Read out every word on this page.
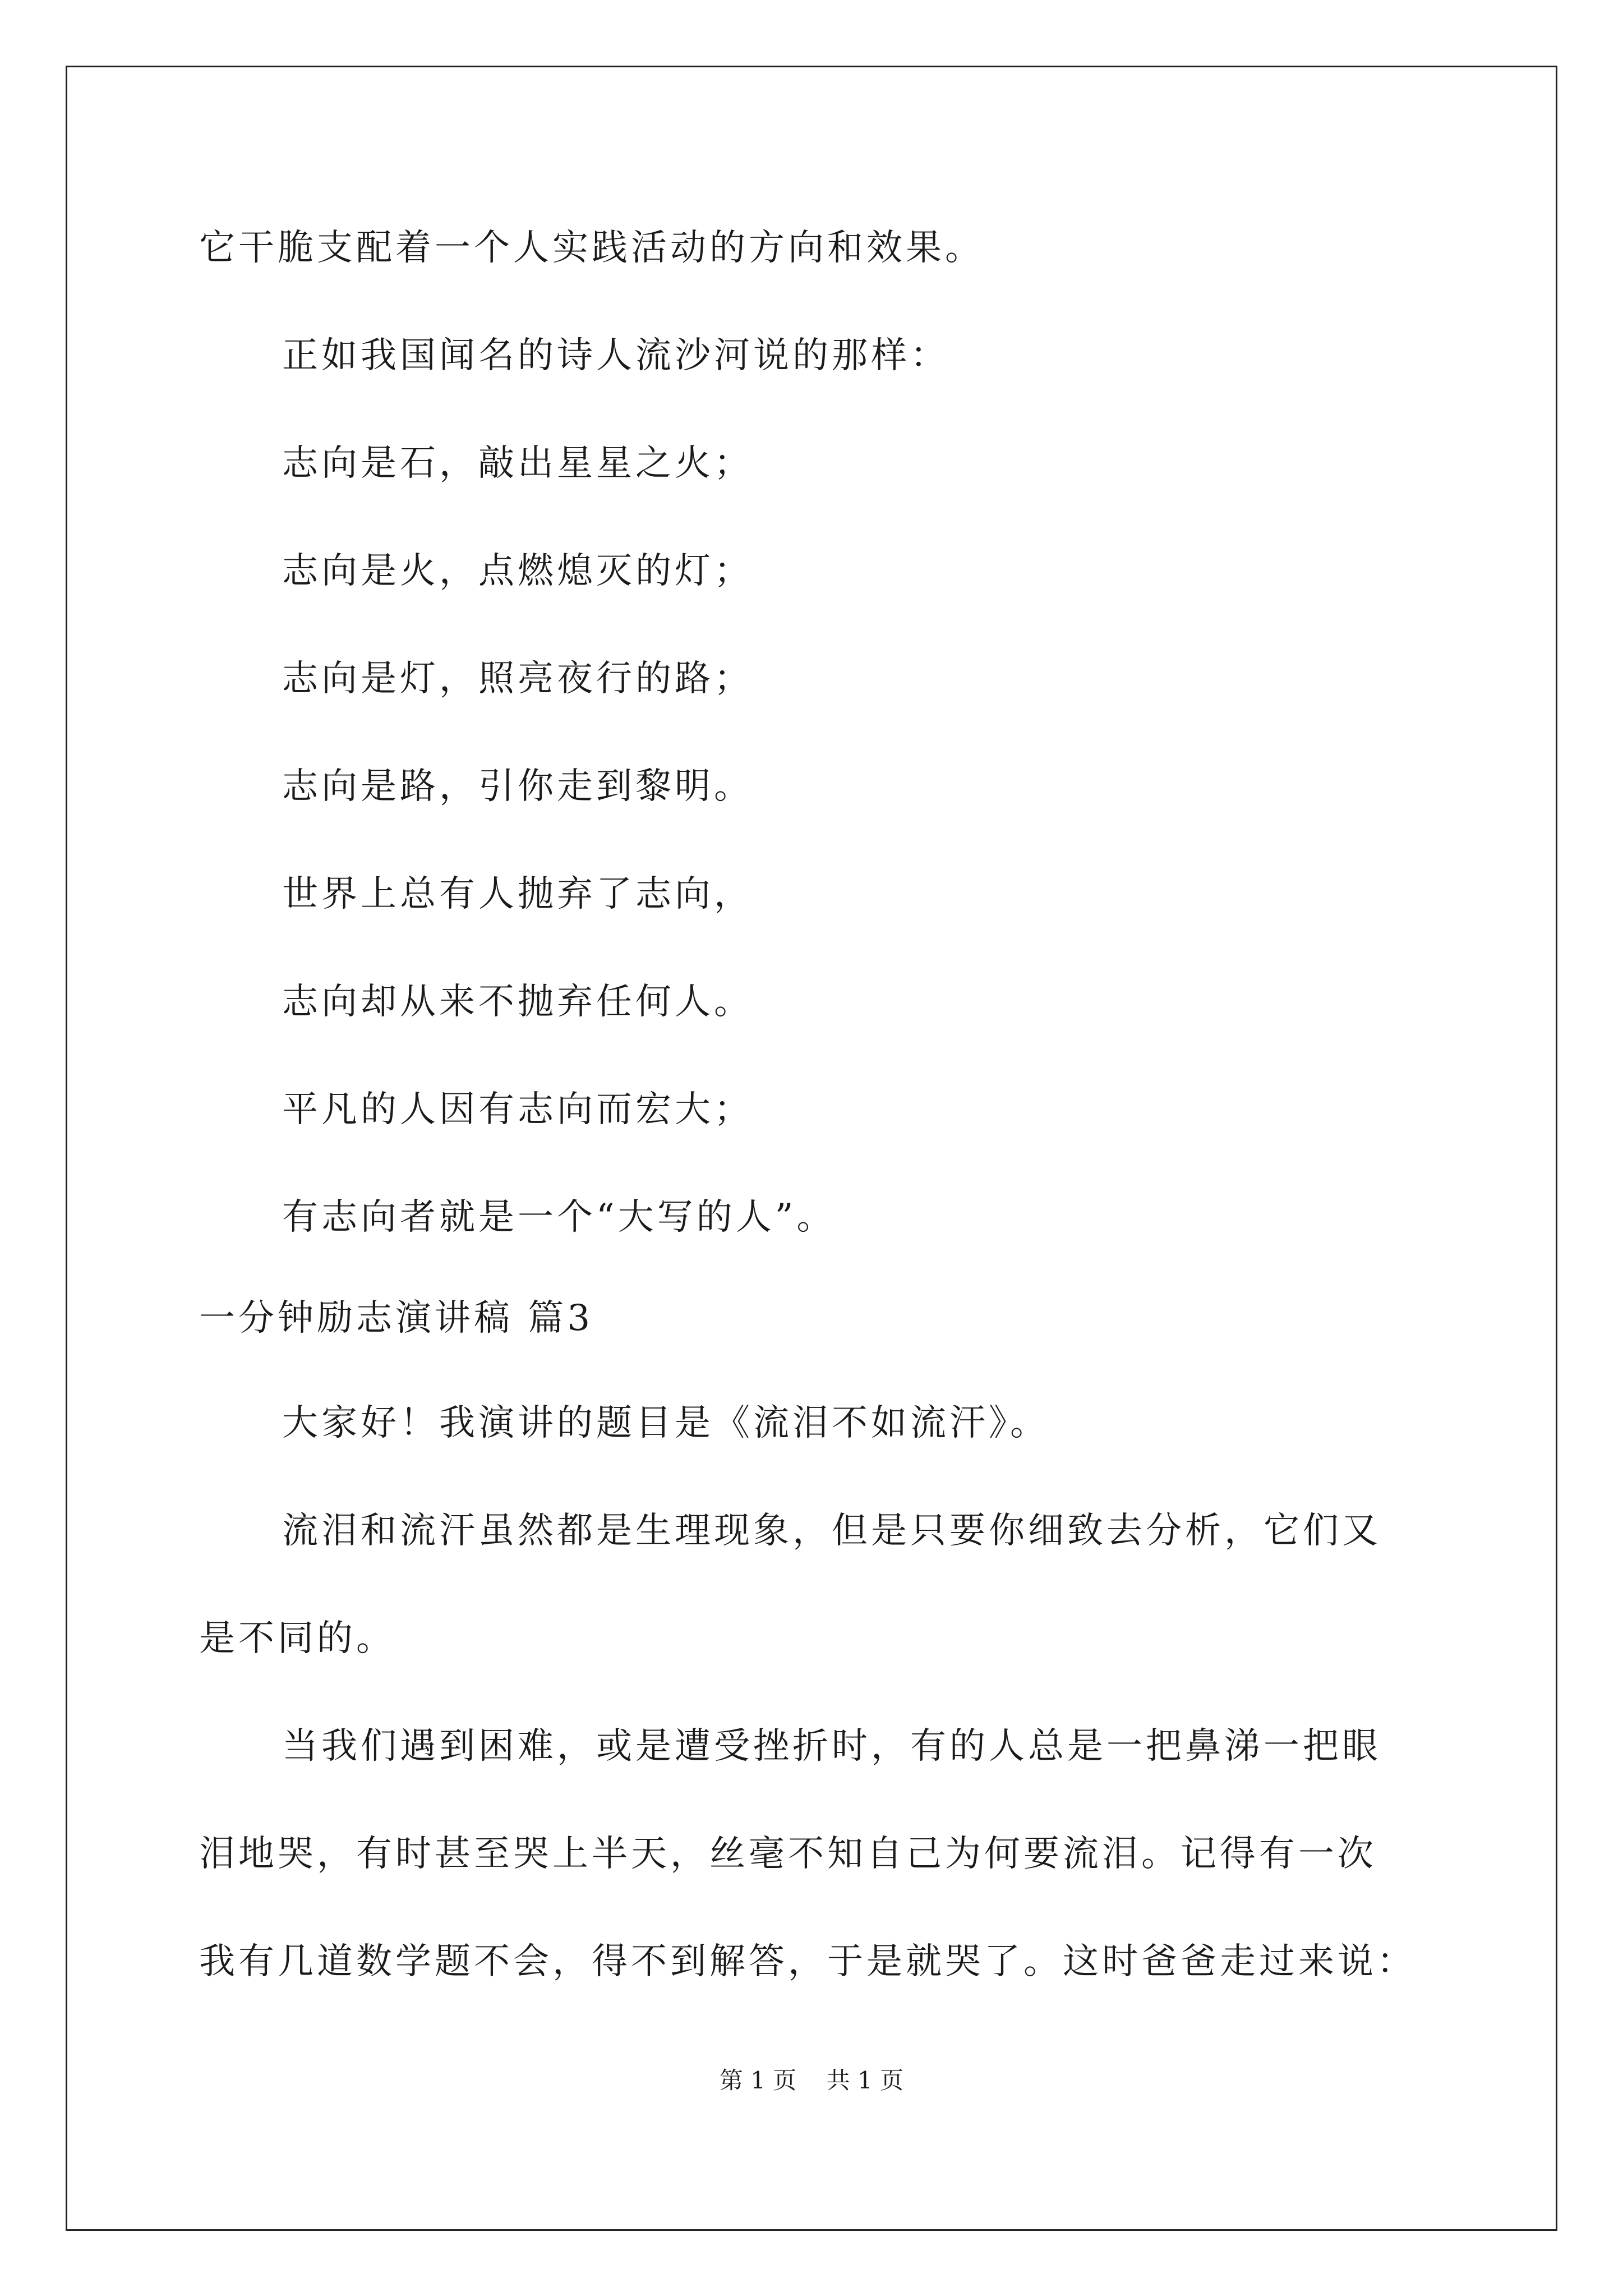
它干脆支配着一个人实践活动的方向和效果。
正如我国闻名的诗人流沙河说的那样：
志向是石，敲出星星之火；
志向是火，点燃熄灭的灯；
志向是灯，照亮夜行的路；
志向是路，引你走到黎明。
世界上总有人抛弃了志向，
志向却从来不抛弃任何人。
平凡的人因有志向而宏大；
有志向者就是一个“大写的人”。
一分钟励志演讲稿 篇3
大家好！我演讲的题目是《流泪不如流汗》。
流泪和流汗虽然都是生理现象，但是只要你细致去分析，它们又
是不同的。
当我们遇到困难，或是遭受挫折时，有的人总是一把鼻涕一把眼
泪地哭，有时甚至哭上半天，丝毫不知自己为何要流泪。记得有一次
我有几道数学题不会，得不到解答，于是就哭了。这时爸爸走过来说：
第 1 页    共 1 页
